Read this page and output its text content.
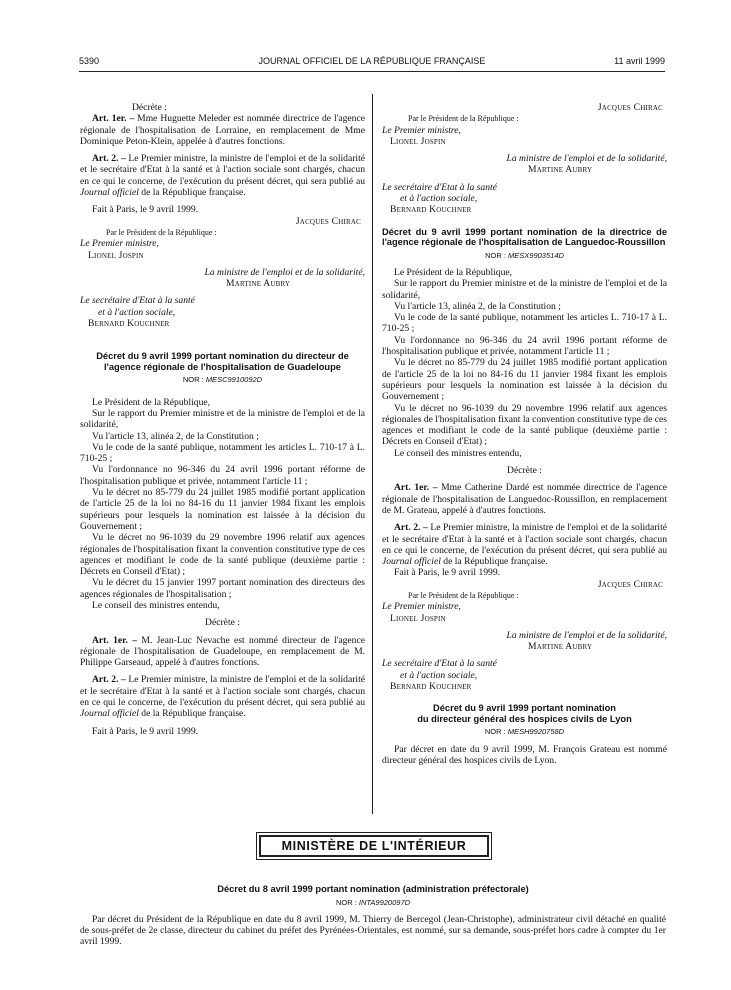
5390	JOURNAL OFFICIEL DE LA RÉPUBLIQUE FRANÇAISE	11 avril 1999
Décrète :
Art. 1er. – Mme Huguette Meleder est nommée directrice de l'agence régionale de l'hospitalisation de Lorraine, en remplacement de Mme Dominique Peton-Klein, appelée à d'autres fonctions.
Art. 2. – Le Premier ministre, la ministre de l'emploi et de la solidarité et le secrétaire d'Etat à la santé et à l'action sociale sont chargés, chacun en ce qui le concerne, de l'exécution du présent décret, qui sera publié au Journal officiel de la République française.
Fait à Paris, le 9 avril 1999.
Jacques Chirac
Par le Président de la République :
Le Premier ministre,
Lionel Jospin
La ministre de l'emploi et de la solidarité,
Martine Aubry
Le secrétaire d'Etat à la santé
et à l'action sociale,
Bernard Kouchner
Décret du 9 avril 1999 portant nomination du directeur de l'agence régionale de l'hospitalisation de Guadeloupe
NOR : MESC9910092D
Le Président de la République,
Sur le rapport du Premier ministre et de la ministre de l'emploi et de la solidarité,
Vu l'article 13, alinéa 2, de la Constitution ;
Vu le code de la santé publique, notamment les articles L. 710-17 à L. 710-25 ;
Vu l'ordonnance no 96-346 du 24 avril 1996 portant réforme de l'hospitalisation publique et privée, notamment l'article 11 ;
Vu le décret no 85-779 du 24 juillet 1985 modifié portant application de l'article 25 de la loi no 84-16 du 11 janvier 1984 fixant les emplois supérieurs pour lesquels la nomination est laissée à la décision du Gouvernement ;
Vu le décret no 96-1039 du 29 novembre 1996 relatif aux agences régionales de l'hospitalisation fixant la convention constitutive type de ces agences et modifiant le code de la santé publique (deuxième partie : Décrets en Conseil d'Etat) ;
Vu le décret du 15 janvier 1997 portant nomination des directeurs des agences régionales de l'hospitalisation ;
Le conseil des ministres entendu,
Décrète :
Art. 1er. – M. Jean-Luc Nevache est nommé directeur de l'agence régionale de l'hospitalisation de Guadeloupe, en remplacement de M. Philippe Garseaud, appelé à d'autres fonctions.
Art. 2. – Le Premier ministre, la ministre de l'emploi et de la solidarité et le secrétaire d'Etat à la santé et à l'action sociale sont chargés, chacun en ce qui le concerne, de l'exécution du présent décret, qui sera publié au Journal officiel de la République française.
Fait à Paris, le 9 avril 1999.
Jacques Chirac
Par le Président de la République :
Le Premier ministre,
Lionel Jospin
La ministre de l'emploi et de la solidarité,
Martine Aubry
Le secrétaire d'Etat à la santé
et à l'action sociale,
Bernard Kouchner
Décret du 9 avril 1999 portant nomination de la directrice de l'agence régionale de l'hospitalisation de Languedoc-Roussillon
NOR : MESX9903514D
Le Président de la République,
Sur le rapport du Premier ministre et de la ministre de l'emploi et de la solidarité,
Vu l'article 13, alinéa 2, de la Constitution ;
Vu le code de la santé publique, notamment les articles L. 710-17 à L. 710-25 ;
Vu l'ordonnance no 96-346 du 24 avril 1996 portant réforme de l'hospitalisation publique et privée, notamment l'article 11 ;
Vu le décret no 85-779 du 24 juillet 1985 modifié portant application de l'article 25 de la loi no 84-16 du 11 janvier 1984 fixant les emplois supérieurs pour lesquels la nomination est laissée à la décision du Gouvernement ;
Vu le décret no 96-1039 du 29 novembre 1996 relatif aux agences régionales de l'hospitalisation fixant la convention constitutive type de ces agences et modifiant le code de la santé publique (deuxième partie : Décrets en Conseil d'Etat) ;
Le conseil des ministres entendu,
Décrète :
Art. 1er. – Mme Catherine Dardé est nommée directrice de l'agence régionale de l'hospitalisation de Languedoc-Roussillon, en remplacement de M. Grateau, appelé à d'autres fonctions.
Art. 2. – Le Premier ministre, la ministre de l'emploi et de la solidarité et le secrétaire d'Etat à la santé et à l'action sociale sont chargés, chacun en ce qui le concerne, de l'exécution du présent décret, qui sera publié au Journal officiel de la République française.
Fait à Paris, le 9 avril 1999.
Jacques Chirac
Par le Président de la République :
Le Premier ministre,
Lionel Jospin
La ministre de l'emploi et de la solidarité,
Martine Aubry
Le secrétaire d'Etat à la santé
et à l'action sociale,
Bernard Kouchner
Décret du 9 avril 1999 portant nomination
du directeur général des hospices civils de Lyon
NOR : MESH9920758D
Par décret en date du 9 avril 1999, M. François Grateau est nommé directeur général des hospices civils de Lyon.
MINISTÈRE DE L'INTÉRIEUR
Décret du 8 avril 1999 portant nomination (administration préfectorale)
NOR : INTA9920097D
Par décret du Président de la République en date du 8 avril 1999, M. Thierry de Bercegol (Jean-Christophe), administrateur civil détaché en qualité de sous-préfet de 2e classe, directeur du cabinet du préfet des Pyrénées-Orientales, est nommé, sur sa demande, sous-préfet hors cadre à compter du 1er avril 1999.
